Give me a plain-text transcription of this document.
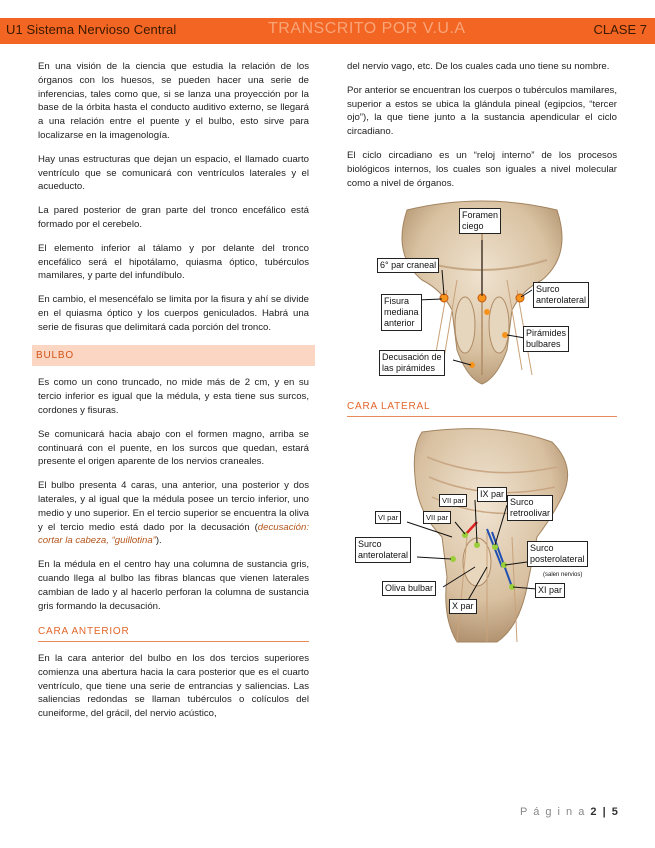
U1 Sistema Nervioso Central	TRANSCRITO POR V.U.A	CLASE 7

En una visión de la ciencia que estudia la relación de los órganos con los huesos, se pueden hacer una serie de inferencias, tales como que, si se lanza una proyección por la base de la órbita hasta el conducto auditivo externo, se llegará a una relación entre el puente y el bulbo, esto sirve para localizarse en la imagenología.

Hay unas estructuras que dejan un espacio, el llamado cuarto ventrículo que se comunicará con ventrículos laterales y el acueducto.

La pared posterior de gran parte del tronco encefálico está formado por el cerebelo.

El elemento inferior al tálamo y por delante del tronco encefálico será el hipotálamo, quiasma óptico, tubérculos mamilares, y parte del infundíbulo.

En cambio, el mesencéfalo se limita por la fisura y ahí se divide en el quiasma óptico y los cuerpos geniculados. Habrá una serie de fisuras que delimitará cada porción del tronco.

BULBO

Es como un cono truncado, no mide más de 2 cm, y en su tercio inferior es igual que la médula, y esta tiene sus surcos, cordones y fisuras.

Se comunicará hacia abajo con el formen magno, arriba se continuará con el puente, en los surcos que quedan, estará presente el origen aparente de los nervios craneales.

El bulbo presenta 4 caras, una anterior, una posterior y dos laterales, y al igual que la médula posee un tercio inferior, uno medio y uno superior. En el tercio superior se encuentra la oliva y el tercio medio está dado por la decusación (decusación: cortar la cabeza, “guillotina”).

En la médula en el centro hay una columna de sustancia gris, cuando llega al bulbo las fibras blancas que vienen laterales cambian de lado y al hacerlo perforan la columna de sustancia gris formando la decusación.

CARA ANTERIOR

En la cara anterior del bulbo en los dos tercios superiores comienza una abertura hacia la cara posterior que es el cuarto ventrículo, que tiene una serie de entrancias y saliencias. Las saliencias redondas se llaman tubérculos o colículos del cuneiforme, del grácil, del nervio acústico,

del nervio vago, etc. De los cuales cada uno tiene su nombre.

Por anterior se encuentran los cuerpos o tubérculos mamilares, superior a estos se ubica la glándula pineal (egipcios, “tercer ojo”), la que tiene junto a la sustancia apendicular el ciclo circadiano.

El ciclo circadiano es un “reloj interno” de los procesos biológicos internos, los cuales son iguales a nivel molecular como a nivel de órganos.

Foramen
ciego
6° par craneal
Surco
anterolateral
Fisura
mediana
anterior
Pirámides
bulbares
Decusación de
las pirámides
CARA LATERAL
VII par
IX par
Surco
retroolivar
VI par	VII par
Surco
anterolateral
Surco
posterolateral
(salen nervios)
Oliva bulbar	XI par
X par
P á g i n a 2 | 5
